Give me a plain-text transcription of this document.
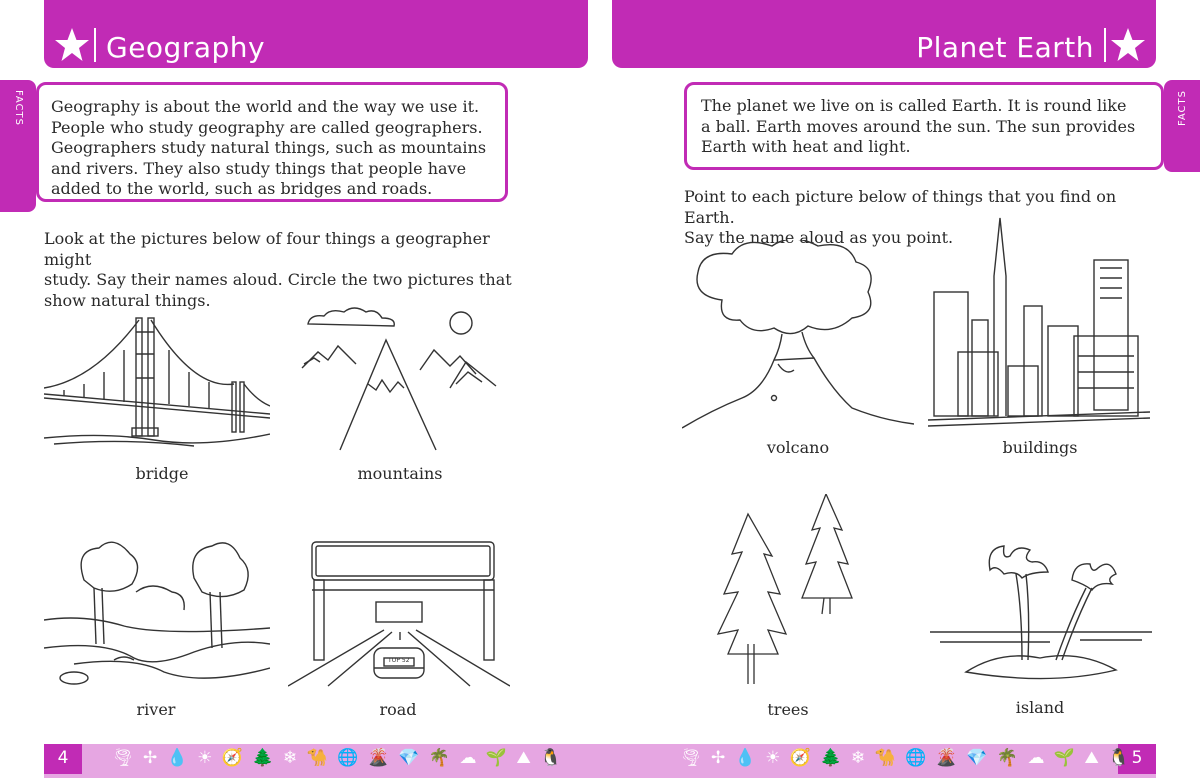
Geography	Planet Earth
FACTS	FACTS

Geography is about the world and the way we use it.

People who study geography are called geographers.

Geographers study natural things, such as mountains

and rivers. They also study things that people have

added to the world, such as bridges and roads.

The planet we live on is called Earth. It is round like

a ball. Earth moves around the sun. The sun provides

Earth with heat and light.

Look at the pictures below of four things a geographer might
study. Say their names aloud. Circle the two pictures that
show natural things.
Point to each picture below of things that you find on Earth.
Say the name aloud as you point.
bridge	mountains
river
TOP 52
road
volcano	buildings
trees	island
4	5
🌪 ✢ 💧 ☀ 🧭 🌲 ❄ 🐪 🌐 🌋 💎 🌴 ☁ 🌱 ⛰ 🐧	🌪 ✢ 💧 ☀ 🧭 🌲 ❄ 🐪 🌐 🌋 💎 🌴 ☁ 🌱 ⛰ 🐧
